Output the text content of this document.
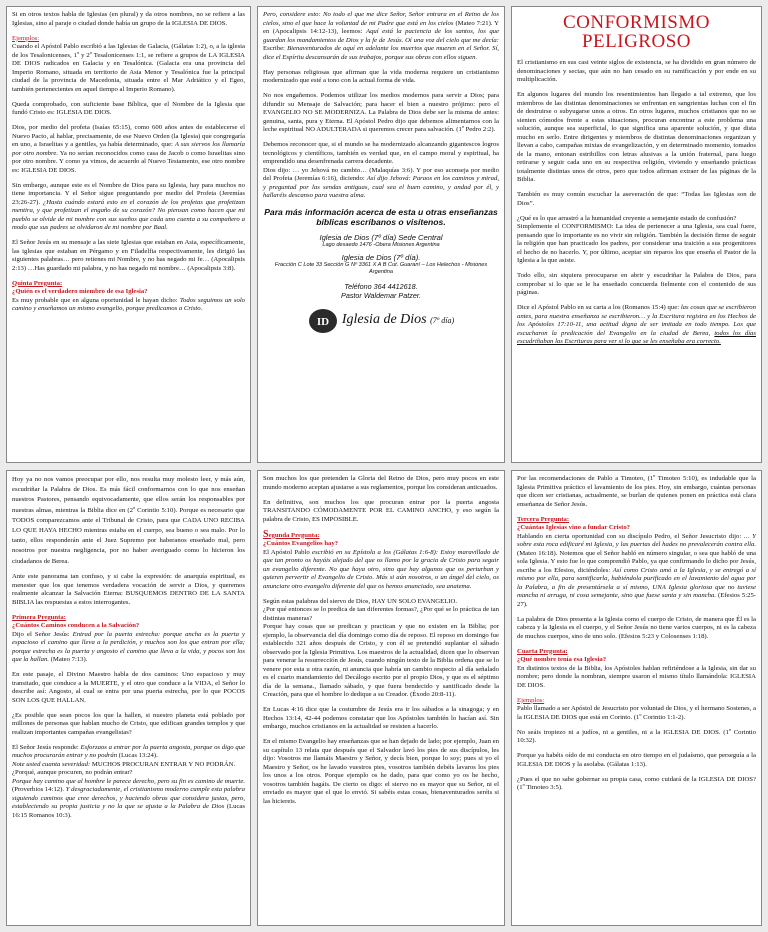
Si en otros textos habla de Iglesias (en plural) y da otros nombres, no se refiere a las Iglesias, sino al paraje o ciudad donde había un grupo de la IGLESIA DE DIOS.

Ejemplos:
Cuando el Apóstol Pablo escribió a las Iglesias de Galacia, (Gálatas 1:2), o, a la iglesia de los Tesalonicenses, 1º y 2º Tesalonicenses 1:1, se refiere a grupos de LA IGLESIA DE DIOS radicados en Galacia y en Tesalónica. (Galacia era una provincia del Imperio Romano, situada en territorio de Asia Menor y Tesalónica fue la principal ciudad de la provincia de Macedonia, situada entre el Mar Adriático y el Egeo, también pertenecientes en aquel tiempo al Imperio Romano).

Queda comprobado, con suficiente base Bíblica, que el Nombre de la Iglesia que fundó Cristo es: IGLESIA DE DIOS.

Dios, por medio del profeta (Isaías 65:15), como 600 años antes de establecerse el Nuevo Pacto, al hablar, precisamente, de ese Nuevo Orden (la Iglesia) que congregaría en uno, a Israelitas y a gentiles, ya había determinado, que: A sus siervos los llamaría por otro nombre. Ya no serían reconocidos como casa de Jacob o como Israelitas sino por otro nombre. Y como ya vimos, de acuerdo al Nuevo Testamento, ese otro nombre es: IGLESIA DE DIOS.

Sin embargo, aunque este es el Nombre de Dios para su Iglesia, hay para muchos no tiene importancia. Y el Señor sigue preguntando por medio del Profeta (Jeremías 23:26-27). ¿Hasta cuándo estará esto en el corazón de los profetas que profetizan mentira, y que profetizan el engaño de su corazón? No piensan como hacen que mi pueblo se olvide de mi nombre con sus sueños que cada uno cuenta a su compañero a modo que sus padres se olvidaron de mi nombre por Baal.

El Señor Jesús en su mensaje a las siete Iglesias que estaban en Asia, específicamente, las iglesias que estaban en Pérgamo y en Filadelfia respectivamente, les dirigió las siguientes palabras… pero retienes mi Nombre, y no has negado mi fe… (Apocalipsis 2:13) …Has guardado mi palabra, y no has negado mi nombre… (Apocalipsis 3:8).

Quinta Pregunta:
¿Quién es el verdadero miembro de esa Iglesia?
Es muy probable que en alguna oportunidad le hayan dicho: Todos seguimos un solo camino y enseñamos un mismo evangelio, porque predicamos a Cristo.

Pero, considere esto: No todo el que me dice Señor, Señor entrara en el Reino de los cielos, sino el que hace la voluntad de mi Padre que está en los cielos (Mateo 7:21). Y en (Apocalipsis 14:12-13), leemos: Aquí está la paciencia de los santos, los que guardan los mandamientos de Dios y la fe de Jesús. Oí una voz del cielo que me decía: Escribe: Bienaventurados de aquí en adelante los muertos que mueren en el Señor. Sí, dice el Espíritu descansarán de sus trabajos, porque sus obras con ellos siguen.

Hay personas religiosas que afirman que la vida moderna requiere un cristianismo modernizado que esté a tono con la actual forma de vida.

No nos engañemos. Podemos utilizar los medios modernos para servir a Dios; para difundir su Mensaje de Salvación; para hacer el bien a nuestro prójimo: pero el EVANGELIO NO SE MODERNIZA. La Palabra de Dios debe ser la misma de antes: genuina, santa, pura y Eterna. El Apóstol Pedro dijo que debemos alimentarnos con la leche espiritual NO ADULTERADA si queremos crecer para salvación. (1º Pedro 2:2).

Debemos reconocer que, si el mundo se ha modernizado alcanzando gigantescos logros tecnológicos y científicos, también es verdad que, en el campo moral y espiritual, ha emprendido una desenfrenada carrera decadente.
Dios dijo: … yo Jehová no cambio… (Malaquías 3:6). Y por eso aconseja por medio del Profeta (Jeremías 6:16), diciendo: Así dijo Jehová: Paraos en los caminos y mirad, y preguntad por las sendas antiguas, cual sea el buen camino, y andad por él, y hallaréis descanso para vuestra alma.

Para más información acerca de esta u otras enseñanzas bíblicas escríbanos o visítenos.
Iglesia de Dios (7º día) Sede Central
Lago desaedo 1476 -Obera Misiones Argentina
Iglesia de Dios (7º día).
Fracción C Lote 33 Sección G Nº 3361 X A B Cut. Guaraní – Los Helechos - Misiones Argentina
Teléfono 364 4412618.
Pastor Waldemar Patzer.
ID Iglesia de Dios (7º día)
CONFORMISMO
PELIGROSO

El cristianismo en sus casi veinte siglos de existencia, se ha dividido en gran número de denominaciones y sectas, que aún no han cesado en su ramificación y por ende en su multiplicación.

En algunos lugares del mundo los resentimientos han llegado a tal extremo, que los miembros de las distintas denominaciones se enfrentan en sangrientas luchas con el fin de destruirse o subyugarse unos a otros. En otros lugares, muchos cristianos que no se sienten cómodos frente a estas situaciones, procuran encontrar a este problema una solución, aunque sea superficial, lo que significa una aparente solución, y que dista mucho en serlo. Entre dirigentes y miembros de distintas denominaciones organizan y llevan a cabo, campañas mixtas de evangelización, y en determinado momento, tomados de la mano, entonan estribillos con letras alusivas a la unión fraternal, para luego retirarse y seguir cada uno en su respectiva religión, viviendo y enseñando prácticas totalmente distintas unos de otros, pero que todos afirman extraer de las páginas de la Biblia.

También es muy común escuchar la aseveración de que: “Todas las Iglesias son de Dios”.

¿Qué es lo que arrastró a la humanidad creyente a semejante estado de confusión?
Simplemente el CONFORMISMO: La idea de pertenecer a una Iglesia, sea cual fuere, pensando que lo importante es no vivir sin religión. También la decisión firme de seguir la religión que han practicado los padres, por considerar una traición a sus progenitores el hecho de no hacerlo. Y, por último, aceptar sin reparos los que enseña el Pastor de la Iglesia a la que asiste.

Todo ello, sin siquiera preocuparse en abrir y escudriñar la Palabra de Dios, para comprobar si lo que se le ha enseñado concuerda fielmente con el contenido de sus páginas.

Dice el Apóstol Pablo en su carta a los (Romanos 15:4) que: las cosas que se escribieron antes, para nuestra enseñanza se escribieron… y la Escritura registra en los Hechos de los Apóstoles 17:10-11, una actitud digna de ser imitada en todo tiempo. Los que escucharon la predicación del Evangelio en la ciudad de Berea, todos los días escudriñaban las Escrituras para ver si lo que se les enseñaba era correcto.

Hoy ya no nos vamos preocupar por ello, nos resulta muy molesto leer, y más aún, escudriñar la Palabra de Dios. Es más fácil conformarnos con lo que nos enseñan nuestros Pastores, pensando equivocadamente, que ellos serán los responsables por nuestras almas, mientras la Biblia dice en (2º Corintio 5:10). Porque es necesario que TODOS comparezcamos ante el Tribunal de Cristo, para que CADA UNO RECIBA LO QUE HAYA HECHO mientras estaba en el cuerpo, sea bueno o sea malo. Por lo tanto, ellos responderán ante el Juez Supremo por haberanos enseñado mal, pero nosotros por nuestra negligencia, por no haber averiguado como lo hicieron los ciudadanos de Berea.

Ante este panorama tan confuso, y si cabe la expresión: de anarquía espiritual, es menester que los que tenemos verdadera vocación de servir a Dios, y queremos realmente alcanzar la Salvación Eterna: BUSQUEMOS DENTRO DE LA SANTA BIBLIA las respuestas a estos interrogantes.

Primera Pregunta:
¿Cuántos Caminos conducen a la Salvación?
Dijo el Señor Jesús: Entrad por la puerta estrecha: porque ancha es la puerta y espacioso el camino que lleva a la perdición, y muchos son los que entran por ella; porque estrecha es la puerta y angosto el camino que lleva a la vida, y pocos son los que la hallan. (Mateo 7:13).

En este pasaje, el Divino Maestro habla de dos caminos: Uno espacioso y muy transitado, que conduce a la MUERTE, y el otro que conduce a la VIDA, el Señor lo describe así: Angosto, al cual se entra por una puerta estrecha, por lo que POCOS SON LOS QUE HALLAN.

¿Es posible que sean pocos los que la hallen, si nuestro planeta está poblado por millones de personas que hablan mucho de Cristo, que edifican grandes templos y que realizan importantes campañas evangelistas?

El Señor Jesús responde: Esforzaos a entrar por la puerta angosta, porque os digo que muchos procurarán entrar y no podrán (Lucas 13:24).
Note usted cuanta severidad: MUCHOS PROCURAN ENTRAR Y NO PODRÁN.
¿Porqué, aunque procuren, no podrán entrar?
Porque hay camino que al hombre le parece derecho, pero su fin es camino de muerte. (Proverbios 14:12). Y desgraciadamente, el cristianismo moderno cumple esta palabra siguiendo caminos que cree derechos, y haciendo obras que considera justas, pero, estableciendo su propia justicia y no la que se ajusta a la Palabra de Dios (Lucas 16:15 Romanos 10:3).

Son muchos los que pretenden la Gloria del Reino de Dios, pero muy pocos en este mundo moderno aceptan ajustarse a sus reglamentos, porque los consideran anticuados.

En definitiva, son muchos los que procuran entrar por la puerta angosta TRANSITANDO CÓMODAMENTE POR EL CAMINO ANCHO, y eso según la palabra de Cristo, ES IMPOSIBLE.

Segunda Pregunta:
¿Cuántos Evangelios hay?
El Apóstol Pablo escribió en su Epístola a los (Gálatas 1:6-8): Estoy maravillado de que tan pronto os hayáis alejado del que os llamo por la gracia de Cristo para seguir un evangelio diferente. No que haya otro, sino que hay algunos que os perturban y quieren pervertir el Evangelio de Cristo. Más si aún nosotros, o un ángel del cielo, os anunciare otro evangelio diferente del que os hemos anunciado, sea anatema.

Según estas palabras del siervo de Dios, HAY UN SOLO EVANGELIO.

¿Por qué entonces se lo predica de tan diferentes formas?, ¿Por qué se lo práctica de tan distintas maneras?

Porque hay cosas que se predican y practican y que no existen en la Biblia; por ejemplo, la observancia del día domingo como día de reposo. El reposo en domingo fue establecido 321 años después de Cristo, y con él se pretendió suplantar el sábado observado por la Iglesia Primitiva. Los maestros de la actualidad, dicen que lo observan para venerar la resurrección de Jesús, cuando ningún texto de la Biblia ordena que se lo venere por esta u otra razón, ni anuncia que habría un cambio respecto al día señalado es el cuarto mandamiento del Decálogo escrito por el propio Dios, y que es el séptimo día de la semana., llamado sábado, y que fuera bendecido y santificado desde la Creación, para que el hombre lo dedique a su Creador. (Éxodo 20:8-11).

En Lucas 4:16 dice que la costumbre de Jesús era ir los sábados a la sinagoga; y en Hechos 13:14, 42-44 podemos constatar que los Apóstoles también lo hacían así. Sin embargo, muchos cristianos en la actualidad se resisten a hacerlo.

En el mismo Evangelio hay enseñanzas que se han dejado de lado; por ejemplo, Juan en su capítulo 13 relata que después que el Salvador lavó los pies de sus discípulos, les dijo: Vosotros me llamáis Maestro y Señor, y decís bien, porque lo soy; pues si yo el Maestro y Señor, os he lavado vuestros pies, vosotros también debéis lavaros los pies los unos a los otros. Porque ejemplo os he dado, para que como yo os he hecho, vosotros también hagáis. De cierto os digo: el siervo no es mayor que su Señor, ni el enviado es mayor que el que lo envió. Si sabéis estas cosas, bienaventurados seréis si las hiciereis.

Por las recomendaciones de Pablo a Timoteo, (1º Timoteo 5:10), es indudable que la Iglesia Primitiva práctico el lavamiento de los pies. Hoy, sin embargo, cuántas personas que dicen ser cristianas, actualmente, se burlan de quienes ponen en práctica está clara enseñanza de Señor Jesús.

Tercera Pregunta:
¿Cuántas Iglesias vino a fundar Cristo?
Hablando en cierta oportunidad con su discípulo Pedro, el Señor Jesucristo dijo: … Y sobre esta roca edificaré mi Iglesia, y las puertas del hades no prevalecerán contra ella. (Mateo 16:18). Notemos que el Señor habló en número singular, o sea que habló de una sola Iglesia. Y esto fue lo que comprendió Pablo, ya que confirmando lo dicho por Jesús, escribe a los Efesios, diciéndoles: Así como Cristo amó a la Iglesia, y se entregó a sí mismo por ella, para santificarla, habiéndola purificado en el lavamiento del agua por la Palabra, a fin de presentársela a sí mismo, UNA Iglesia gloriosa que no tuviese mancha ni arruga, ni cosa semejante, sino que fuese santa y sin mancha. (Efesios 5:25-27).

La palabra de Dios presenta a la Iglesia como el cuerpo de Cristo, de manera que Él es la cabeza y la Iglesia es el cuerpo, y el Señor Jesús no tiene varios cuerpos, ni es la cabeza de muchos cuerpos, sino de uno solo. (Efesios 5:23 y Colosenses 1:18).

Cuarta Pregunta:
¿Qué nombre tenía esa Iglesia?
En distintos textos de la Biblia, los Apóstoles hablan refiriéndose a la Iglesia, sin dar su nombre; pero donde la nombran, siempre usaron el mismo título llamándola: IGLESIA DE DIOS.

Ejemplos:
Pablo llamado a ser Apóstol de Jesucristo por voluntad de Dios, y el hermano Sostenes, a la IGLESIA DE DIOS que está en Corinto. (1º Corintio 1:1-2).

No seáis tropiezo ni a judíos, ni a gentiles, ni a la IGLESIA DE DIOS. (1º Corintio 10:32).

Porque ya habéis oído de mi conducta en otro tiempo en el judaísmo, que perseguía a la IGLESIA DE DIOS y la asolaba. (Gálatas 1:13).

¿Pues el que no sabe gobernar su propia casa, como cuidará de la IGLESIA DE DIOS? (1º Timoteo 3:5).
